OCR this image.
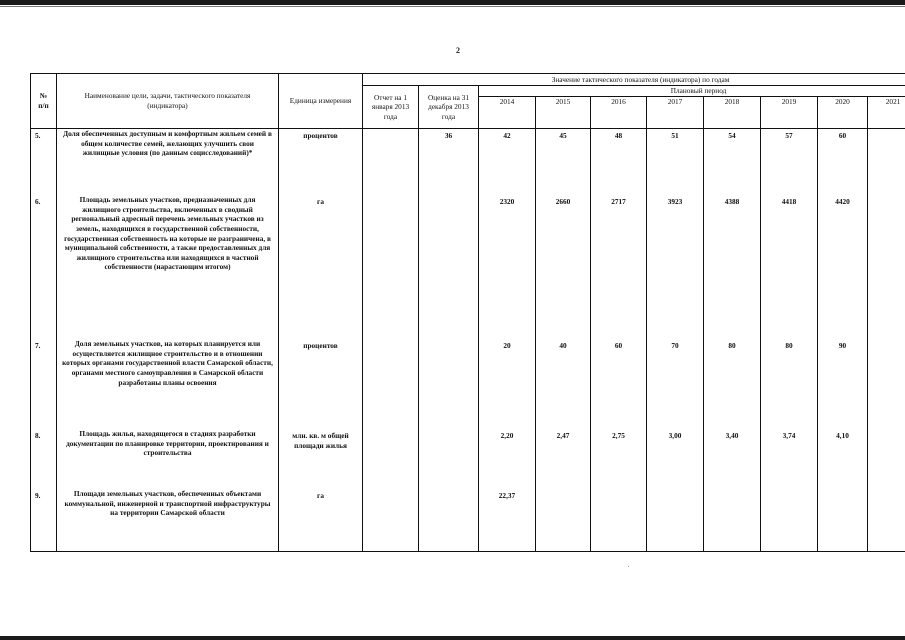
2
№
п/п	Наименование цели, задачи, тактического показателя (индикатора)	Единица измерения	Значение тактического показателя (индикатора) по годам									
			Отчет на 1 января 2013 года	Оценка на 31 декабря 2013 года	Плановый период							
					2014	2015	2016	2017	2018	2019	2020	2021
5.	Доля обеспеченных доступным и комфортным жильем семей в общем количестве семей, желающих улучшить свои жилищные условия (по данным социсследований)*	процентов		36	42	45	48	51	54	57	60	
6.	Площадь земельных участков, предназначенных для жилищного строительства, включенных в сводный региональный адресный перечень земельных участков из земель, находящихся в государственной собственности, государственная собственность на которые не разграничена, в муниципальной собственности, а также предоставленных для жилищного строительства или находящихся в частной собственности (нарастающим итогом)	га			2320	2660	2717	3923	4388	4418	4420	
7.	Доля земельных участков, на которых планируется или осуществляется жилищное строительство и в отношении которых органами государственной власти Самарской области, органами местного самоуправления в Самарской области разработаны планы освоения	процентов			20	40	60	70	80	80	90	
8.	Площадь жилья, находящегося в стадиях разработки документации по планировке территории, проектирования и строительства	млн. кв. м общей площади жилья			2,20	2,47	2,75	3,00	3,40	3,74	4,10	
9.	Площади земельных участков, обеспеченных объектами коммунальной, инженерной и транспортной инфраструктуры на территории Самарской области	га			22,37							
